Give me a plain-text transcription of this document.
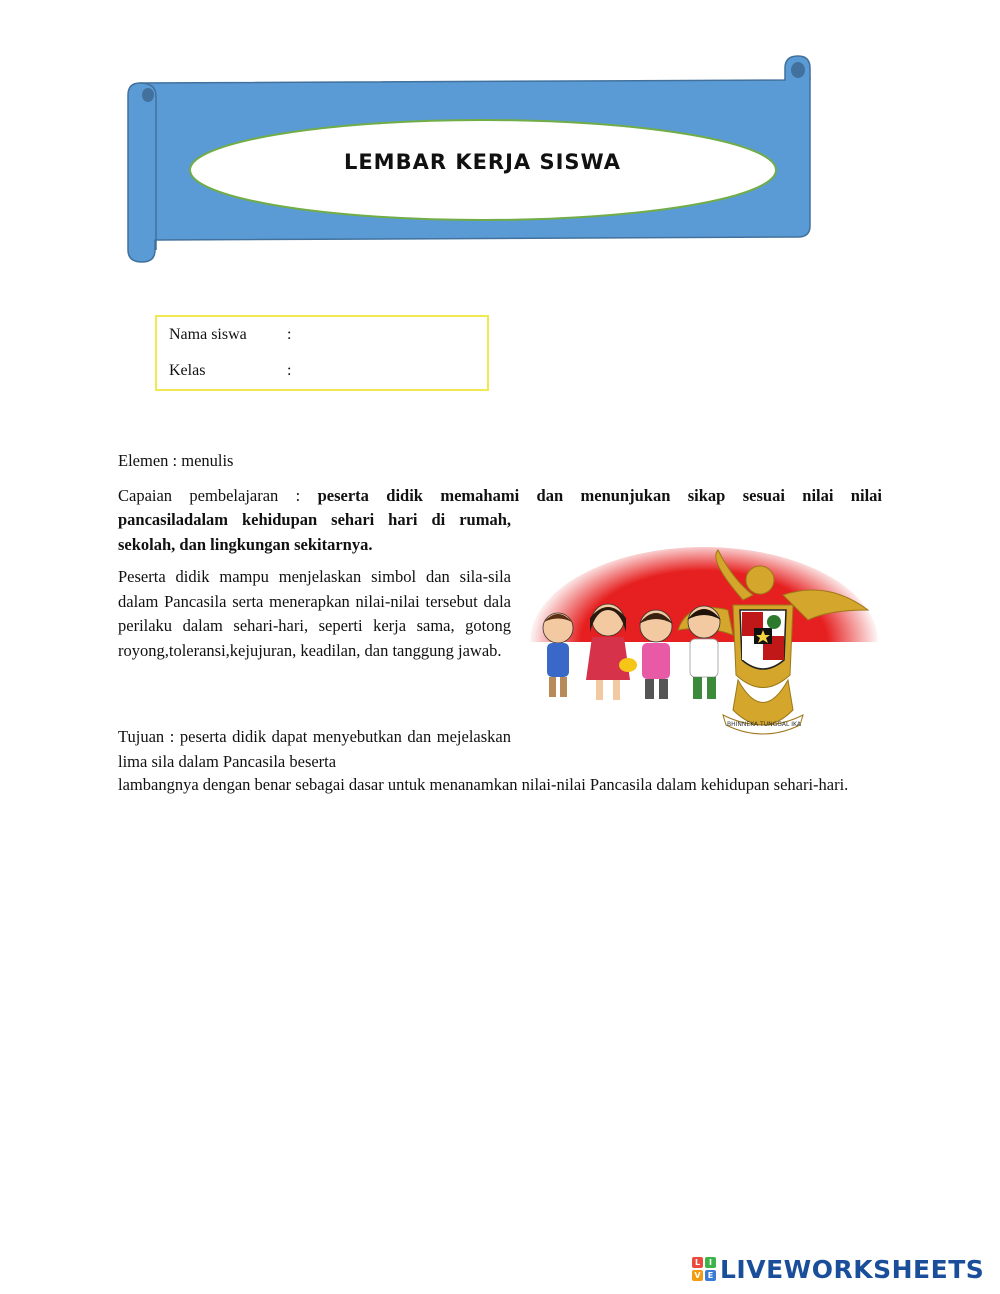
LEMBAR KERJA SISWA
Nama siswa	:
Kelas	:
Elemen : menulis
Capaian pembelajaran : peserta didik memahami dan menunjukan sikap sesuai nilai nilai
pancasiladalam kehidupan sehari hari di rumah, sekolah, dan lingkungan sekitarnya.
Peserta didik mampu menjelaskan simbol dan sila-sila dalam Pancasila serta menerapkan nilai-nilai tersebut dala perilaku dalam sehari-hari, seperti kerja sama, gotong royong,toleransi,kejujuran, keadilan, dan tanggung jawab.
Tujuan : peserta didik dapat menyebutkan dan mejelaskan lima sila dalam Pancasila beserta
lambangnya dengan benar sebagai dasar untuk menanamkan nilai-nilai Pancasila dalam kehidupan sehari-hari.
BHINNEKA TUNGGAL IKA
L	I
V E LIVEWORKSHEETS
